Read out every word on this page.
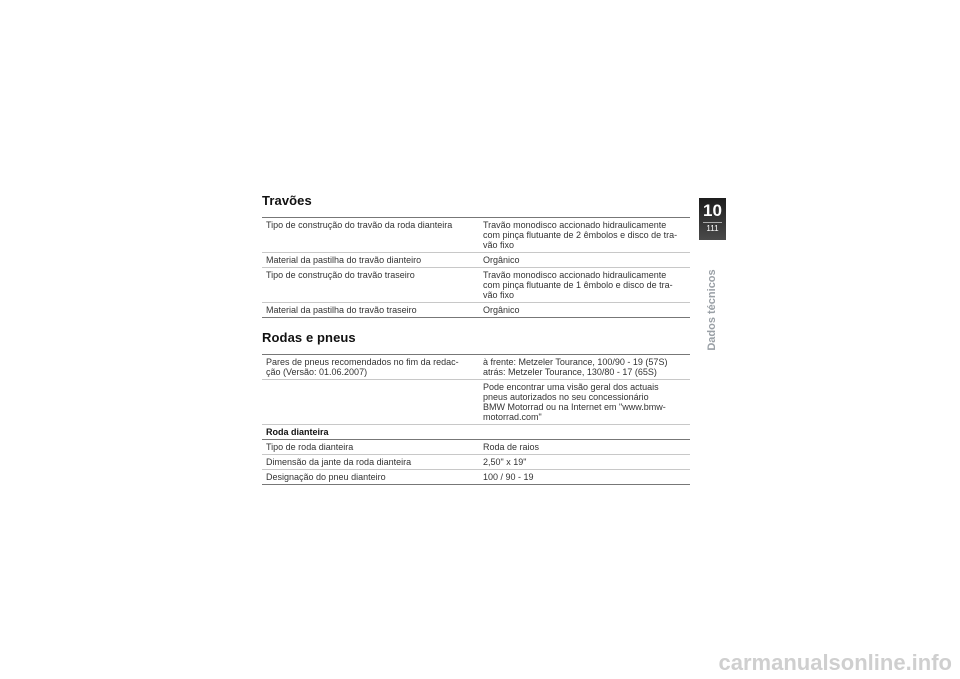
Travões
Tipo de construção do travão da roda dianteira	Travão monodisco accionado hidraulicamente
com pinça flutuante de 2 êmbolos e disco de tra-
vão fixo

Material da pastilha do travão dianteiro	Orgânico

Tipo de construção do travão traseiro	Travão monodisco accionado hidraulicamente
com pinça flutuante de 1 êmbolo e disco de tra-
vão fixo

Material da pastilha do travão traseiro	Orgânico
Rodas e pneus
Pares de pneus recomendados no fim da redac-
ção (Versão: 01.06.2007)	à frente: Metzeler Tourance, 100/90 - 19 (57S)
atrás: Metzeler Tourance, 130/80 - 17 (65S)

	Pode encontrar uma visão geral dos actuais
pneus autorizados no seu concessionário
BMW Motorrad ou na Internet em "www.bmw-
motorrad.com"

Roda dianteira	
Tipo de roda dianteira	Roda de raios
Dimensão da jante da roda dianteira	2,50" x 19"
Designação do pneu dianteiro	100 / 90 - 19
10
111
Dados técnicos
carmanualsonline.info
